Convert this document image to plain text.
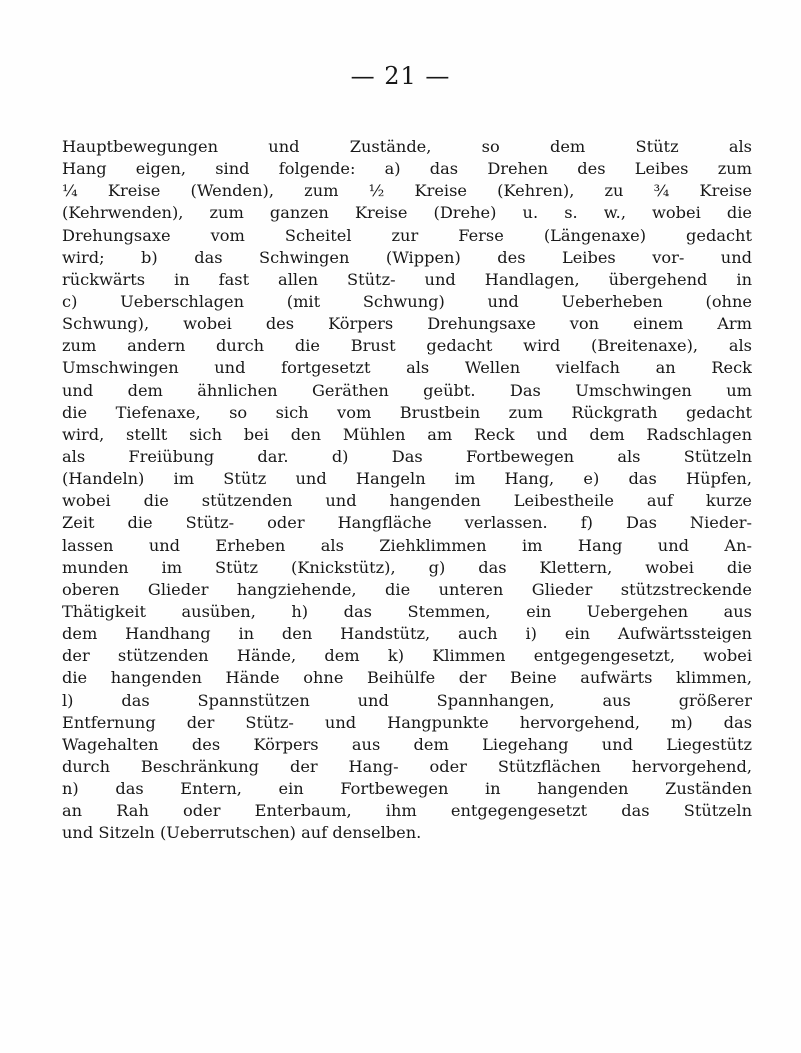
— 21 —
Hauptbewegungen und Zustände, so dem Stütz als
Hang eigen, sind folgende: a) das Drehen des Leibes zum
¼ Kreise (Wenden), zum ½ Kreise (Kehren), zu ¾ Kreise
(Kehrwenden), zum ganzen Kreise (Drehe) u. s. w., wobei die
Drehungsaxe vom Scheitel zur Ferse (Längenaxe) gedacht
wird; b) das Schwingen (Wippen) des Leibes vor- und
rückwärts in fast allen Stütz- und Handlagen, übergehend in
c) Ueberschlagen (mit Schwung) und Ueberheben (ohne
Schwung), wobei des Körpers Drehungsaxe von einem Arm
zum andern durch die Brust gedacht wird (Breitenaxe), als
Umschwingen und fortgesetzt als Wellen vielfach an Reck
und dem ähnlichen Geräthen geübt. Das Umschwingen um
die Tiefenaxe, so sich vom Brustbein zum Rückgrath gedacht
wird, stellt sich bei den Mühlen am Reck und dem Radschlagen
als Freiübung dar. d) Das Fortbewegen als Stützeln
(Handeln) im Stütz und Hangeln im Hang, e) das Hüpfen,
wobei die stützenden und hangenden Leibestheile auf kurze
Zeit die Stütz- oder Hangfläche verlassen. f) Das Nieder-
lassen und Erheben als Ziehklimmen im Hang und An-
munden im Stütz (Knickstütz), g) das Klettern, wobei die
oberen Glieder hangziehende, die unteren Glieder stützstreckende
Thätigkeit ausüben, h) das Stemmen, ein Uebergehen aus
dem Handhang in den Handstütz, auch i) ein Aufwärtssteigen
der stützenden Hände, dem k) Klimmen entgegengesetzt, wobei
die hangenden Hände ohne Beihülfe der Beine aufwärts klimmen,
l) das Spannstützen und Spannhangen, aus größerer
Entfernung der Stütz- und Hangpunkte hervorgehend, m) das
Wagehalten des Körpers aus dem Liegehang und Liegestütz
durch Beschränkung der Hang- oder Stützflächen hervorgehend,
n) das Entern, ein Fortbewegen in hangenden Zuständen
an Rah oder Enterbaum, ihm entgegengesetzt das Stützeln
und Sitzeln (Ueberrutschen) auf denselben.
